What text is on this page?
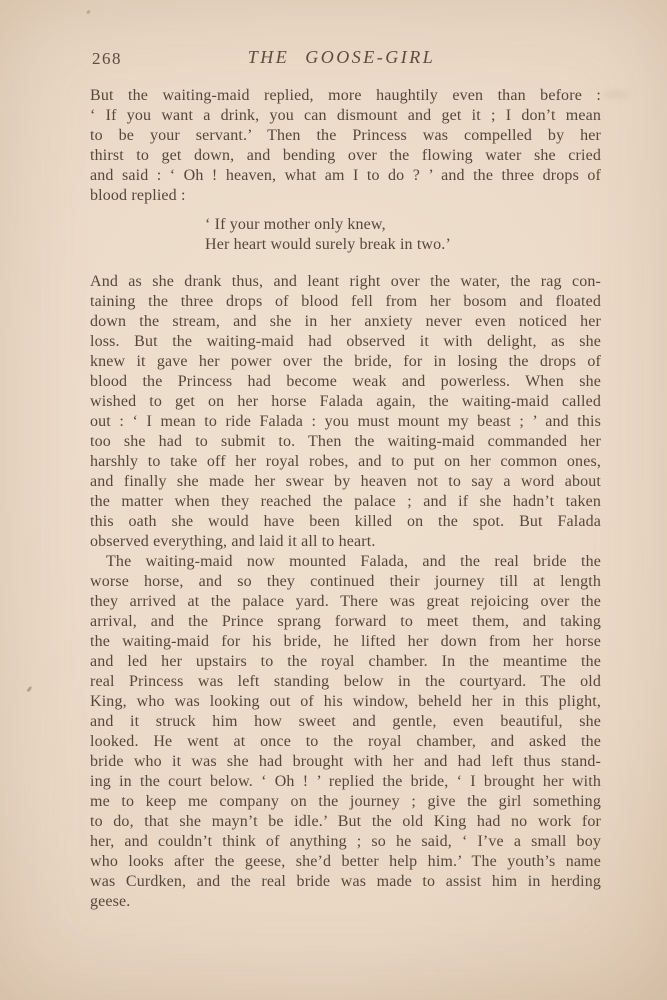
268	THE GOOSE-GIRL
But the waiting-maid replied, more haughtily even than before :
‘ If you want a drink, you can dismount and get it ; I don’t mean
to be your servant.’ Then the Princess was compelled by her
thirst to get down, and bending over the flowing water she cried
and said : ‘ Oh ! heaven, what am I to do ? ’ and the three drops of
blood replied :
‘ If your mother only knew,
Her heart would surely break in two.’
And as she drank thus, and leant right over the water, the rag con-
taining the three drops of blood fell from her bosom and floated
down the stream, and she in her anxiety never even noticed her
loss. But the waiting-maid had observed it with delight, as she
knew it gave her power over the bride, for in losing the drops of
blood the Princess had become weak and powerless. When she
wished to get on her horse Falada again, the waiting-maid called
out : ‘ I mean to ride Falada : you must mount my beast ; ’ and this
too she had to submit to. Then the waiting-maid commanded her
harshly to take off her royal robes, and to put on her common ones,
and finally she made her swear by heaven not to say a word about
the matter when they reached the palace ; and if she hadn’t taken
this oath she would have been killed on the spot. But Falada
observed everything, and laid it all to heart.
The waiting-maid now mounted Falada, and the real bride the
worse horse, and so they continued their journey till at length
they arrived at the palace yard. There was great rejoicing over the
arrival, and the Prince sprang forward to meet them, and taking
the waiting-maid for his bride, he lifted her down from her horse
and led her upstairs to the royal chamber. In the meantime the
real Princess was left standing below in the courtyard. The old
King, who was looking out of his window, beheld her in this plight,
and it struck him how sweet and gentle, even beautiful, she
looked. He went at once to the royal chamber, and asked the
bride who it was she had brought with her and had left thus stand-
ing in the court below. ‘ Oh ! ’ replied the bride, ‘ I brought her with
me to keep me company on the journey ; give the girl something
to do, that she mayn’t be idle.’ But the old King had no work for
her, and couldn’t think of anything ; so he said, ‘ I’ve a small boy
who looks after the geese, she’d better help him.’ The youth’s name
was Curdken, and the real bride was made to assist him in herding
geese.
